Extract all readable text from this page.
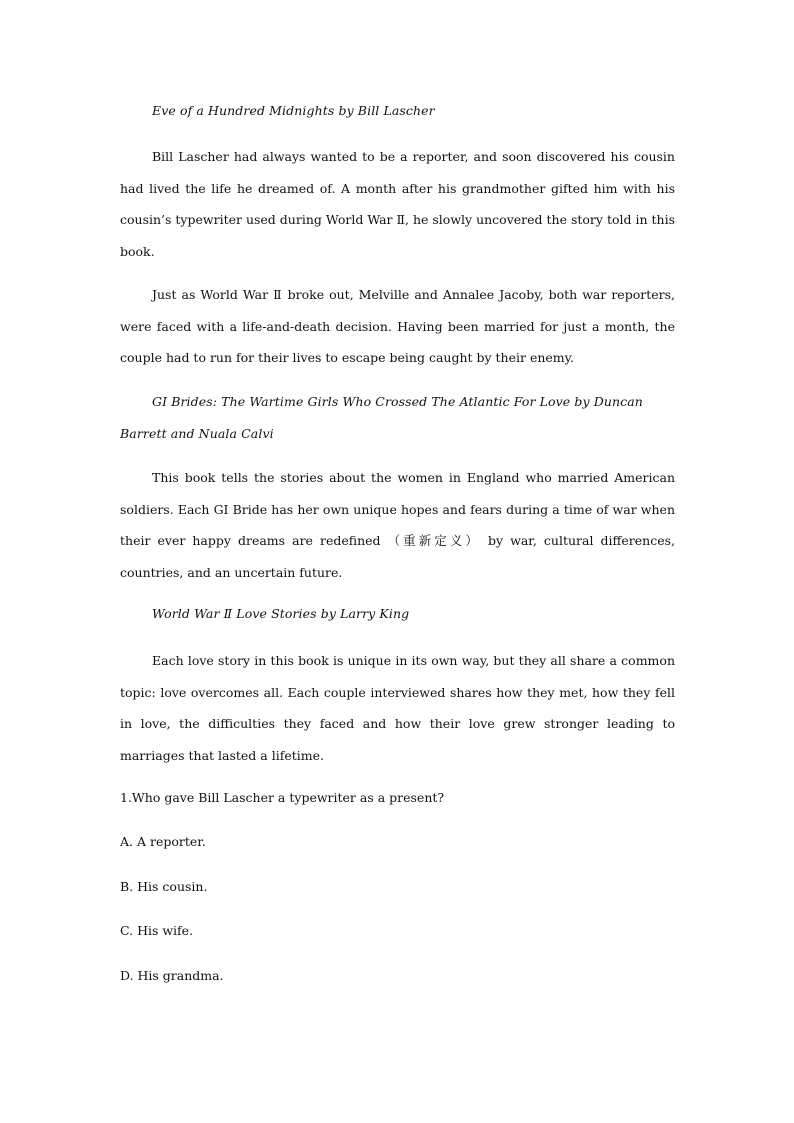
Eve of a Hundred Midnights by Bill Lascher

Bill Lascher had always wanted to be a reporter, and soon discovered his cousin had lived the life he dreamed of. A month after his grandmother gifted him with his cousin’s typewriter used during World War Ⅱ, he slowly uncovered the story told in this book.

Just as World War Ⅱ broke out, Melville and Annalee Jacoby, both war reporters, were faced with a life-and-death decision. Having been married for just a month, the couple had to run for their lives to escape being caught by their enemy.

GI Brides: The Wartime Girls Who Crossed The Atlantic For Love by Duncan Barrett and Nuala Calvi

This book tells the stories about the women in England who married American soldiers. Each GI Bride has her own unique hopes and fears during a time of war when their ever happy dreams are redefined （重新定义） by war, cultural differences, countries, and an uncertain future.

World War Ⅱ Love Stories by Larry King

Each love story in this book is unique in its own way, but they all share a common topic: love overcomes all. Each couple interviewed shares how they met, how they fell in love, the difficulties they faced and how their love grew stronger leading to marriages that lasted a lifetime.

1.Who gave Bill Lascher a typewriter as a present?

A. A reporter.

B. His cousin.

C. His wife.

D. His grandma.
